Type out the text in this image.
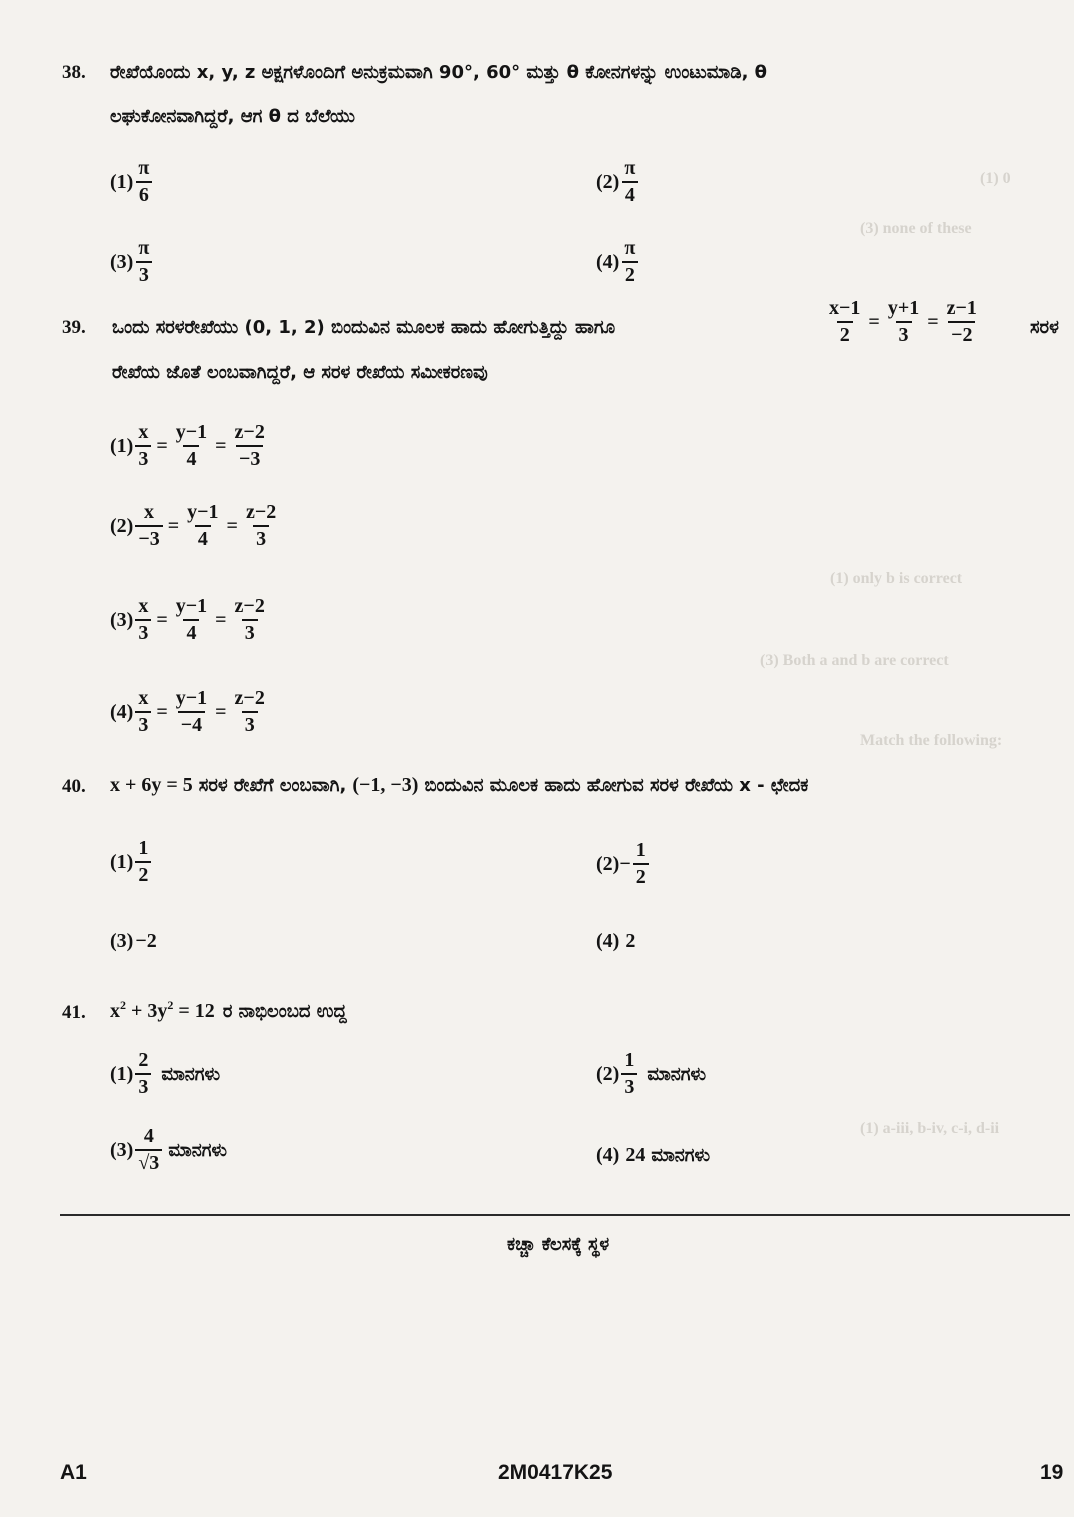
(1) 0
(3) none of these
(1) only b is correct
(3) Both a and b are correct
Match the following:
(1) a-iii, b-iv, c-i, d-ii
38. ರೇಖೆಯೊಂದು x, y, z ಅಕ್ಷಗಳೊಂದಿಗೆ ಅನುಕ್ರಮವಾಗಿ 90°, 60° ಮತ್ತು θ ಕೋನಗಳನ್ನು ಉಂಟುಮಾಡಿ, θ
ಲಘುಕೋನವಾಗಿದ್ದರೆ, ಆಗ θ ದ ಬೆಲೆಯು
$(1) \frac{\pi}{6}$	$(2) \frac{\pi}{4}$
$(3) \frac{\pi}{3}$	$(4) \frac{\pi}{2}$
39. ಒಂದು ಸರಳರೇಖೆಯು (0, 1, 2) ಬಿಂದುವಿನ ಮೂಲಕ ಹಾದು ಹೋಗುತ್ತಿದ್ದು ಹಾಗೂ	$\frac{x-1}{2} = \frac{y+1}{3} = \frac{z-1}{-2}$	ಸರಳ
ರೇಖೆಯ ಜೊತೆ ಲಂಬವಾಗಿದ್ದರೆ, ಆ ಸರಳ ರೇಖೆಯ ಸಮೀಕರಣವು
$(1) \frac{x}{3} = \frac{y-1}{4} = \frac{z-2}{-3}$
$(2) \frac{x}{-3} = \frac{y-1}{4} = \frac{z-2}{3}$
$(3) \frac{x}{3} = \frac{y-1}{4} = \frac{z-2}{3}$
$(4) \frac{x}{3} = \frac{y-1}{-4} = \frac{z-2}{3}$
40. x + 6y = 5 ಸರಳ ರೇಖೆಗೆ ಲಂಬವಾಗಿ, (−1, −3) ಬಿಂದುವಿನ ಮೂಲಕ ಹಾದು ಹೋಗುವ ಸರಳ ರೇಖೆಯ x - ಛೇದಕ
$(1) \frac{1}{2}$	$(2) - \frac{1}{2}$
(3) −2	(4) 2
41. $x^2 + 3y^2 = 12$ ರ ನಾಭಿಲಂಬದ ಉದ್ದ
$(1) \frac{2}{3}$ ಮಾನಗಳು	$(2) \frac{1}{3}$ ಮಾನಗಳು
$(3) \frac{4}{√3}$ ಮಾನಗಳು	(4) 24 ಮಾನಗಳು
ಕಚ್ಚಾ ಕೆಲಸಕ್ಕೆ ಸ್ಥಳ
A1	2M0417K25	19
